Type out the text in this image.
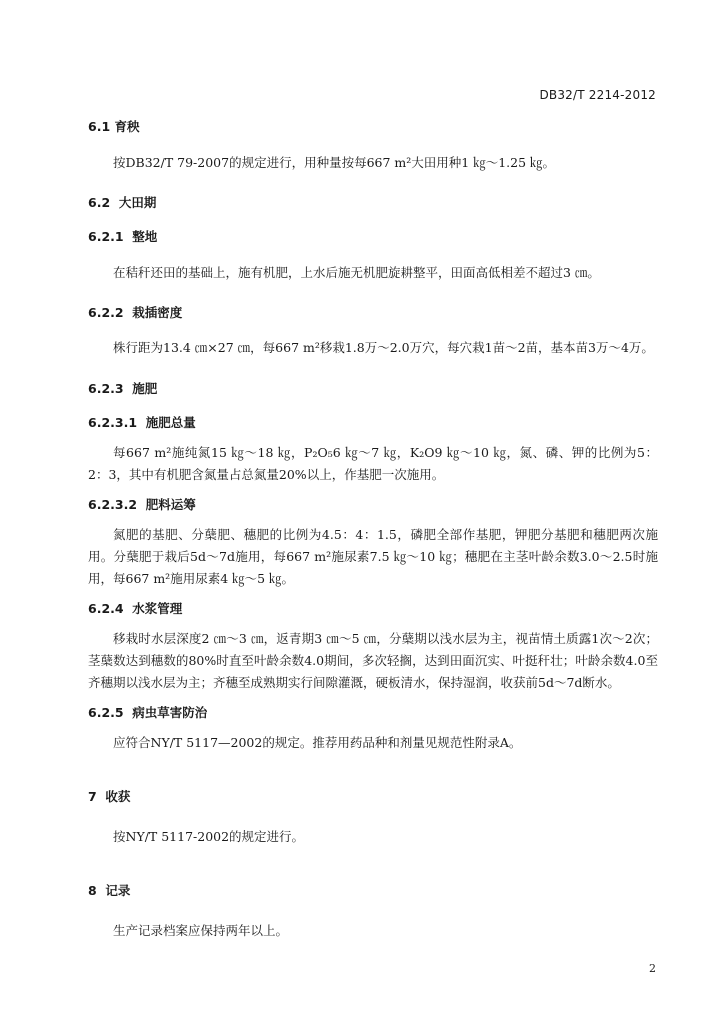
DB32/T 2214-2012

6.1 育秧

按DB32/T 79-2007的规定进行，用种量按每667 m²大田用种1 ㎏～1.25 ㎏。

6.2  大田期

6.2.1  整地

在秸秆还田的基础上，施有机肥，上水后施无机肥旋耕整平，田面高低相差不超过3 ㎝。

6.2.2  栽插密度

株行距为13.4 ㎝×27 ㎝，每667 m²移栽1.8万～2.0万穴，每穴栽1苗～2苗，基本苗3万～4万。

6.2.3  施肥

6.2.3.1  施肥总量

每667 m²施纯氮15 ㎏～18 ㎏，P₂O₅6 ㎏～7 ㎏，K₂O9 ㎏～10 ㎏，氮、磷、钾的比例为5：2：3，其中有机肥含氮量占总氮量20%以上，作基肥一次施用。

6.2.3.2  肥料运筹

氮肥的基肥、分蘖肥、穗肥的比例为4.5：4：1.5，磷肥全部作基肥，钾肥分基肥和穗肥两次施用。分蘖肥于栽后5d～7d施用，每667 m²施尿素7.5 ㎏～10 ㎏；穗肥在主茎叶龄余数3.0～2.5时施用，每667 m²施用尿素4 ㎏～5 ㎏。

6.2.4  水浆管理

移栽时水层深度2 ㎝～3 ㎝，返青期3 ㎝～5 ㎝，分蘖期以浅水层为主，视苗情土质露1次～2次；茎蘖数达到穗数的80%时直至叶龄余数4.0期间，多次轻搁，达到田面沉实、叶挺秆壮；叶龄余数4.0至齐穗期以浅水层为主；齐穗至成熟期实行间隙灌溉，硬板清水，保持湿润，收获前5d～7d断水。

6.2.5  病虫草害防治

应符合NY/T 5117—2002的规定。推荐用药品种和剂量见规范性附录A。

7  收获

按NY/T 5117-2002的规定进行。

8  记录

生产记录档案应保持两年以上。

2
